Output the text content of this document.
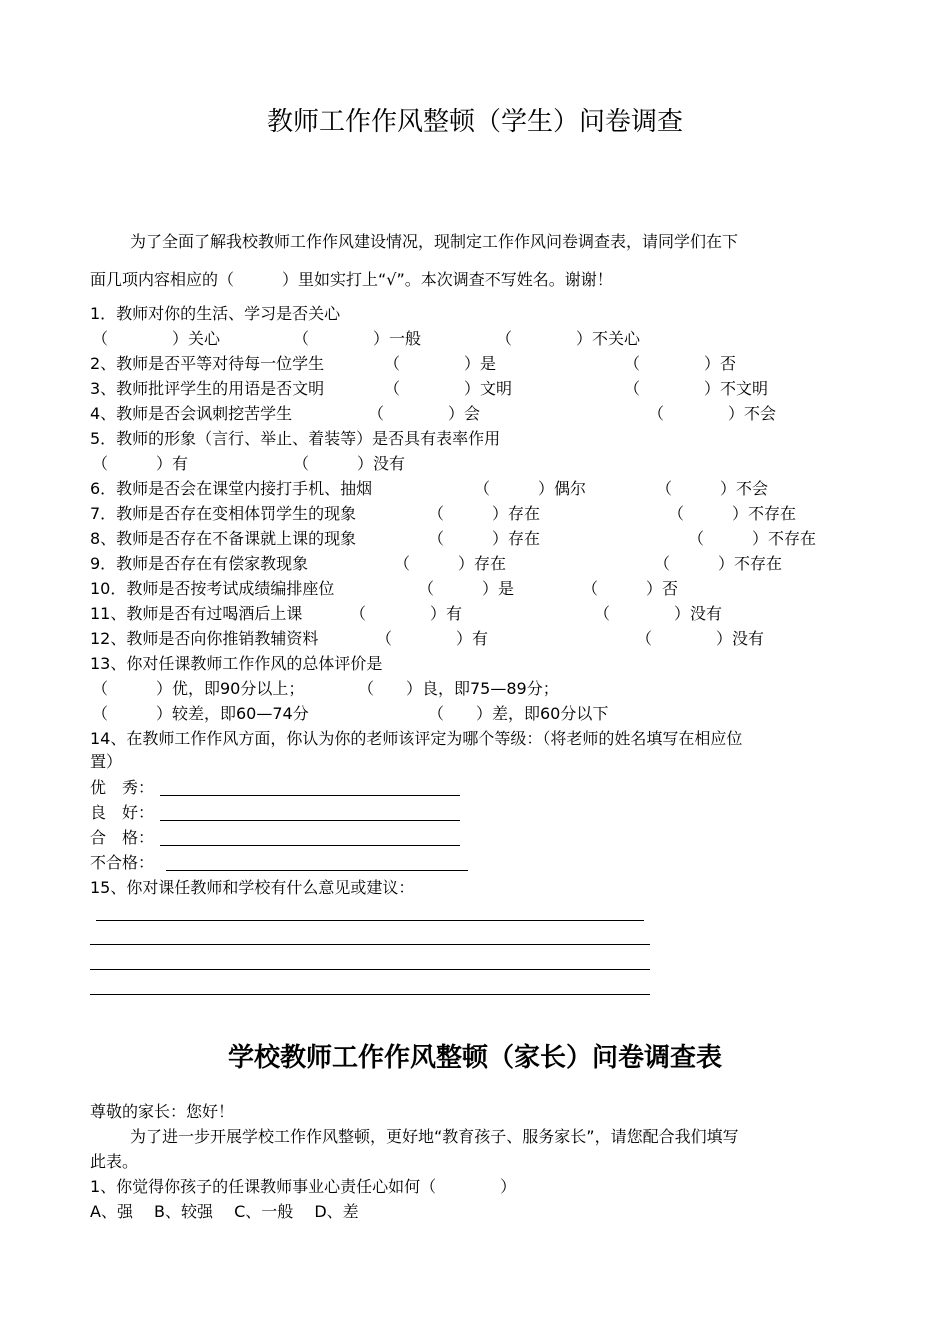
教师工作作风整顿（学生）问卷调查
为了全面了解我校教师工作作风建设情况，现制定工作作风问卷调查表，请同学们在下
面几项内容相应的（　　　）里如实打上“√”。本次调查不写姓名。谢谢！
1．教师对你的生活、学习是否关心
（　　　　）关心	（　　　　）一般	（　　　　）不关心
2、教师是否平等对待每一位学生	（　　　　）是	（　　　　）否
3、教师批评学生的用语是否文明	（　　　　）文明	（　　　　）不文明
4、教师是否会讽刺挖苦学生	（　　　　）会	（　　　　）不会
5．教师的形象（言行、举止、着装等）是否具有表率作用
（　　　）有	（　　　）没有
6．教师是否会在课堂内接打手机、抽烟	（　　　）偶尔	（　　　）不会
7．教师是否存在变相体罚学生的现象	（　　　）存在	（　　　）不存在
8、教师是否存在不备课就上课的现象	（　　　）存在	（　　　）不存在
9．教师是否存在有偿家教现象	（　　　）存在	（　　　）不存在
10．教师是否按考试成绩编排座位	（　　　）是	（　　　）否
11、教师是否有过喝酒后上课	（　　　　）有	（　　　　）没有
12、教师是否向你推销教辅资料	（　　　　）有	（　　　　）没有
13、你对任课教师工作作风的总体评价是
（　　　）优，即90分以上；	（　　）良，即75—89分；
（　　　）较差，即60—74分	（　　）差，即60分以下
14、在教师工作作风方面，你认为你的老师该评定为哪个等级：（将老师的姓名填写在相应位
置）
优　秀：
良　好：
合　格：
不合格：
15、你对课任教师和学校有什么意见或建议：
学校教师工作作风整顿（家长）问卷调查表
尊敬的家长：您好！
为了进一步开展学校工作作风整顿，更好地“教育孩子、服务家长”，请您配合我们填写
此表。
1、你觉得你孩子的任课教师事业心责任心如何（　　　　）
A、强　 B、较强　 C、一般　 D、差
